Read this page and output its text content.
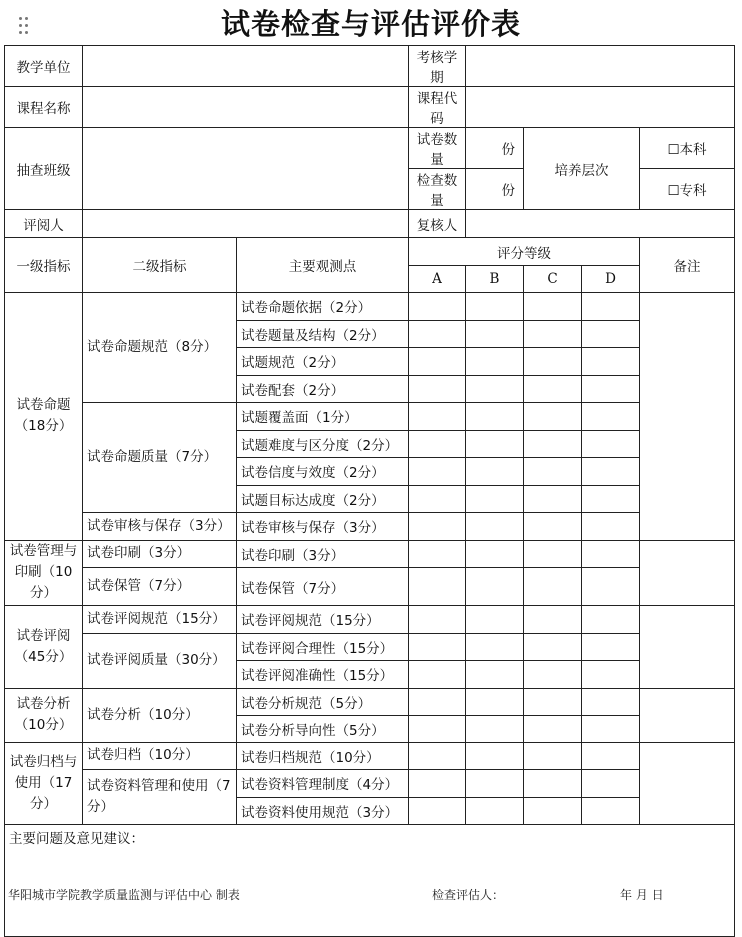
试卷检查与评估评价表
教学单位			考核学期				
课程名称			课程代码				
抽查班级			试卷数量	份	培养层次		☐本科
			检查数量	份			☐专科
评阅人			复核人				
一级指标	二级指标	主要观测点	评分等级				备注
			A	B	C	D	
试卷命题（18分）	试卷命题规范（8分）	试卷命题依据（2分）					
		试卷题量及结构（2分）					
		试题规范（2分）					
		试卷配套（2分）					
	试卷命题质量（7分）	试题覆盖面（1分）					
		试题难度与区分度（2分）					
		试卷信度与效度（2分）					
		试题目标达成度（2分）					
	试卷审核与保存（3分）	试卷审核与保存（3分）					
试卷管理与印刷（10分）	试卷印刷（3分）	试卷印刷（3分）					
	试卷保管（7分）	试卷保管（7分）					
试卷评阅（45分）	试卷评阅规范（15分）	试卷评阅规范（15分）					
	试卷评阅质量（30分）	试卷评阅合理性（15分）					
		试卷评阅准确性（15分）					
试卷分析（10分）	试卷分析（10分）	试卷分析规范（5分）					
		试卷分析导向性（5分）					
试卷归档与使用（17分）	试卷归档（10分）	试卷归档规范（10分）					
	试卷资料管理和使用（7分）	试卷资料管理制度（4分）					
		试卷资料使用规范（3分）					
主要问题及意见建议：							
华阳城市学院教学质量监测与评估中心 制表	检查评估人：	年 月 日
